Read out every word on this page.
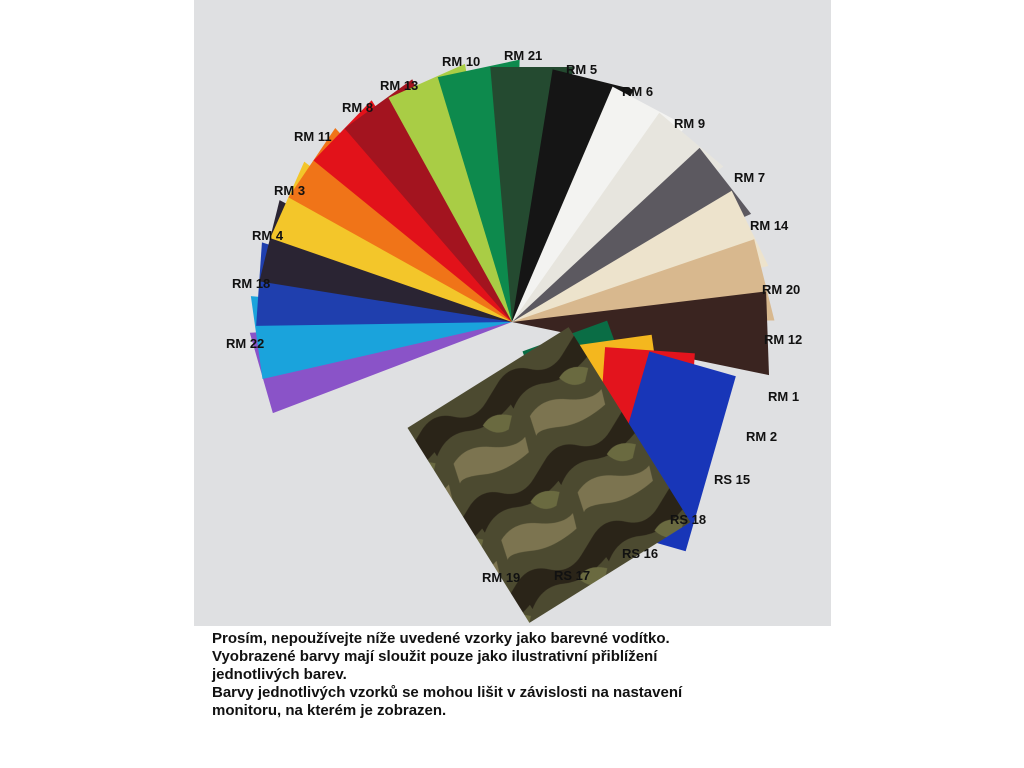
RM 22
RM 18
RM 4
RM 3
RM 11
RM 8
RM 13
RM 10 RM 21
RM 5
RM 6
RM 9
RM 7
RM 14
RM 20
RM 12
RM 1
RM 2
RS 15
RS 18
RS 16
RS 17
RM 19

Prosím, nepoužívejte níže uvedené vzorky jako barevné vodítko.

Vyobrazené barvy mají sloužit pouze jako ilustrativní přiblížení

jednotlivých barev.

Barvy jednotlivých vzorků se mohou lišit v závislosti na nastavení

monitoru, na kterém je zobrazen.
